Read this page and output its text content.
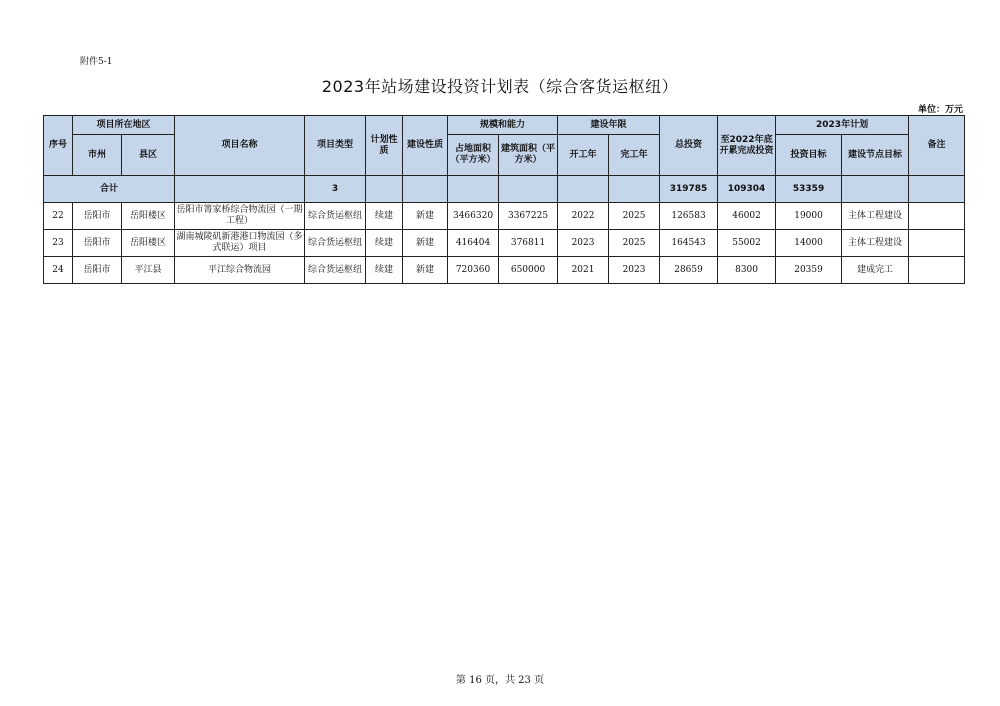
附件5-1
2023年站场建设投资计划表（综合客货运枢纽）
单位：万元
序号	项目所在地区		项目名称	项目类型	计划性质	建设性质	规模和能力		建设年限		总投资	至2022年底开累完成投资	2023年计划		备注
	市州	县区					占地面积（平方米）	建筑面积（平方米）	开工年	完工年			投资目标	建设节点目标	
合计				3							319785	109304	53359		
22	岳阳市	岳阳楼区	岳阳市箐家桥综合物流园（一期工程）	综合货运枢纽	续建	新建	3466320	3367225	2022	2025	126583	46002	19000	主体工程建设	
23	岳阳市	岳阳楼区	湖南城陵矶新港港口物流园（多式联运）项目	综合货运枢纽	续建	新建	416404	376811	2023	2025	164543	55002	14000	主体工程建设	
24	岳阳市	平江县	平江综合物流园	综合货运枢纽	续建	新建	720360	650000	2021	2023	28659	8300	20359	建成完工	
第 16 页，共 23 页
